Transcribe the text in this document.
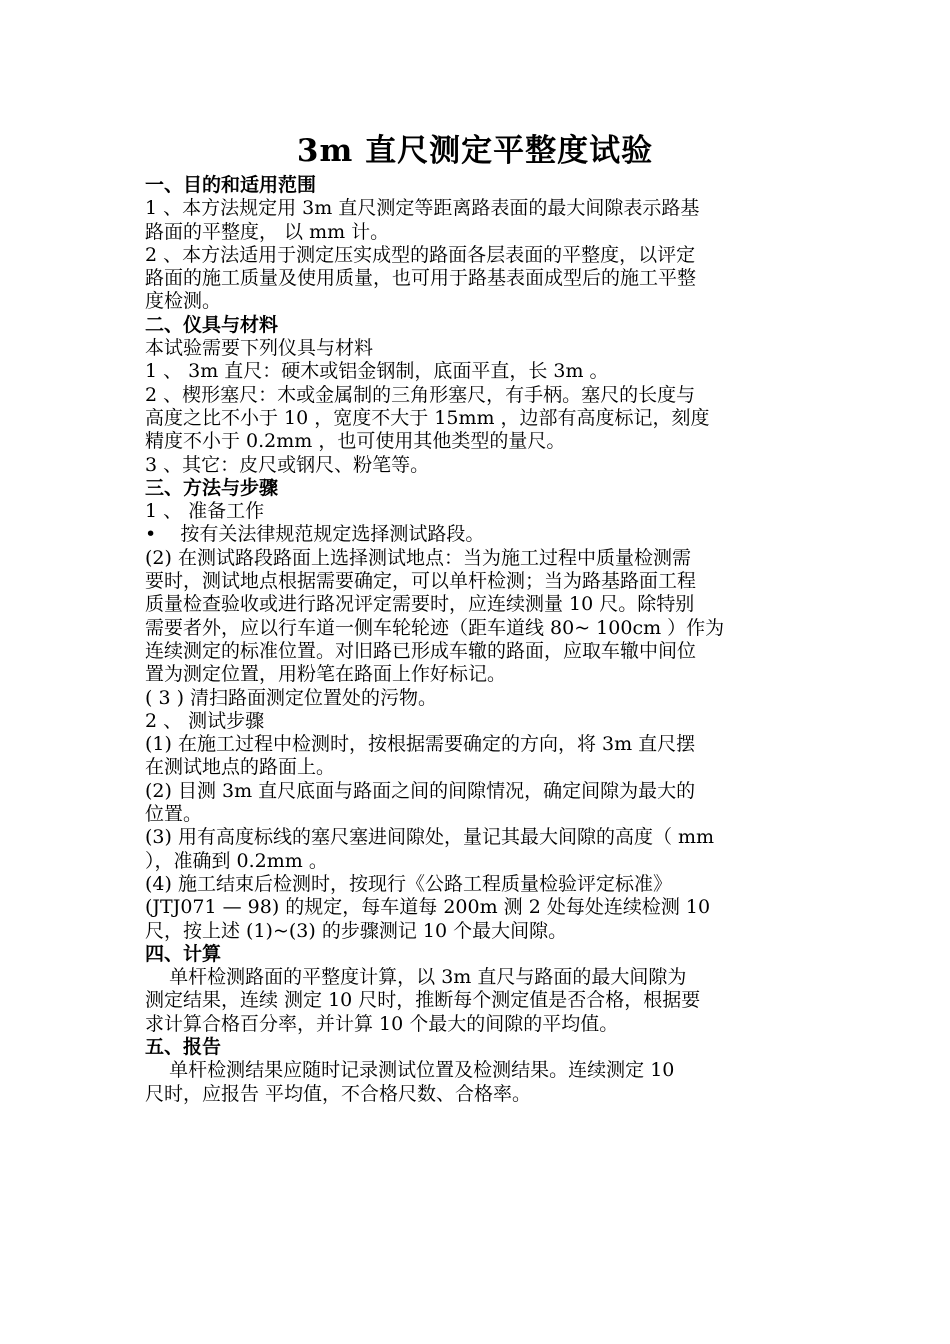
3m 直尺测定平整度试验
一、目的和适用范围
1 、本方法规定用 3m 直尺测定等距离路表面的最大间隙表示路基
路面的平整度， 以 mm 计。
2 、本方法适用于测定压实成型的路面各层表面的平整度，以评定
路面的施工质量及使用质量，也可用于路基表面成型后的施工平整
度检测。
二、仪具与材料
本试验需要下列仪具与材料
1 、 3m 直尺：硬木或铝金钢制，底面平直，长 3m 。
2 、楔形塞尺：木或金属制的三角形塞尺，有手柄。塞尺的长度与
高度之比不小于 10 ，宽度不大于 15mm ，边部有高度标记，刻度
精度不小于 0.2mm ，也可使用其他类型的量尺。
3 、其它：皮尺或钢尺、粉笔等。
三、方法与步骤
1 、 准备工作
•    按有关法律规范规定选择测试路段。
(2) 在测试路段路面上选择测试地点：当为施工过程中质量检测需
要时，测试地点根据需要确定，可以单杆检测；当为路基路面工程
质量检查验收或进行路况评定需要时，应连续测量 10 尺。除特别
需要者外，应以行车道一侧车轮轮迹（距车道线 80~ 100cm ）作为
连续测定的标准位置。对旧路已形成车辙的路面，应取车辙中间位
置为测定位置，用粉笔在路面上作好标记。
( 3 ) 清扫路面测定位置处的污物。
2 、 测试步骤
(1) 在施工过程中检测时，按根据需要确定的方向，将 3m 直尺摆
在测试地点的路面上。
(2) 目测 3m 直尺底面与路面之间的间隙情况，确定间隙为最大的
位置。
(3) 用有高度标线的塞尺塞进间隙处，量记其最大间隙的高度（ mm
），准确到 0.2mm 。
(4) 施工结束后检测时，按现行《公路工程质量检验评定标准》
(JTJ071 — 98) 的规定，每车道每 200m 测 2 处每处连续检测 10
尺，按上述 (1)~(3) 的步骤测记 10 个最大间隙。
四、计算
单杆检测路面的平整度计算，以 3m 直尺与路面的最大间隙为
测定结果，连续 测定 10 尺时，推断每个测定值是否合格，根据要
求计算合格百分率，并计算 10 个最大的间隙的平均值。
五、报告
单杆检测结果应随时记录测试位置及检测结果。连续测定 10
尺时，应报告 平均值，不合格尺数、合格率。
